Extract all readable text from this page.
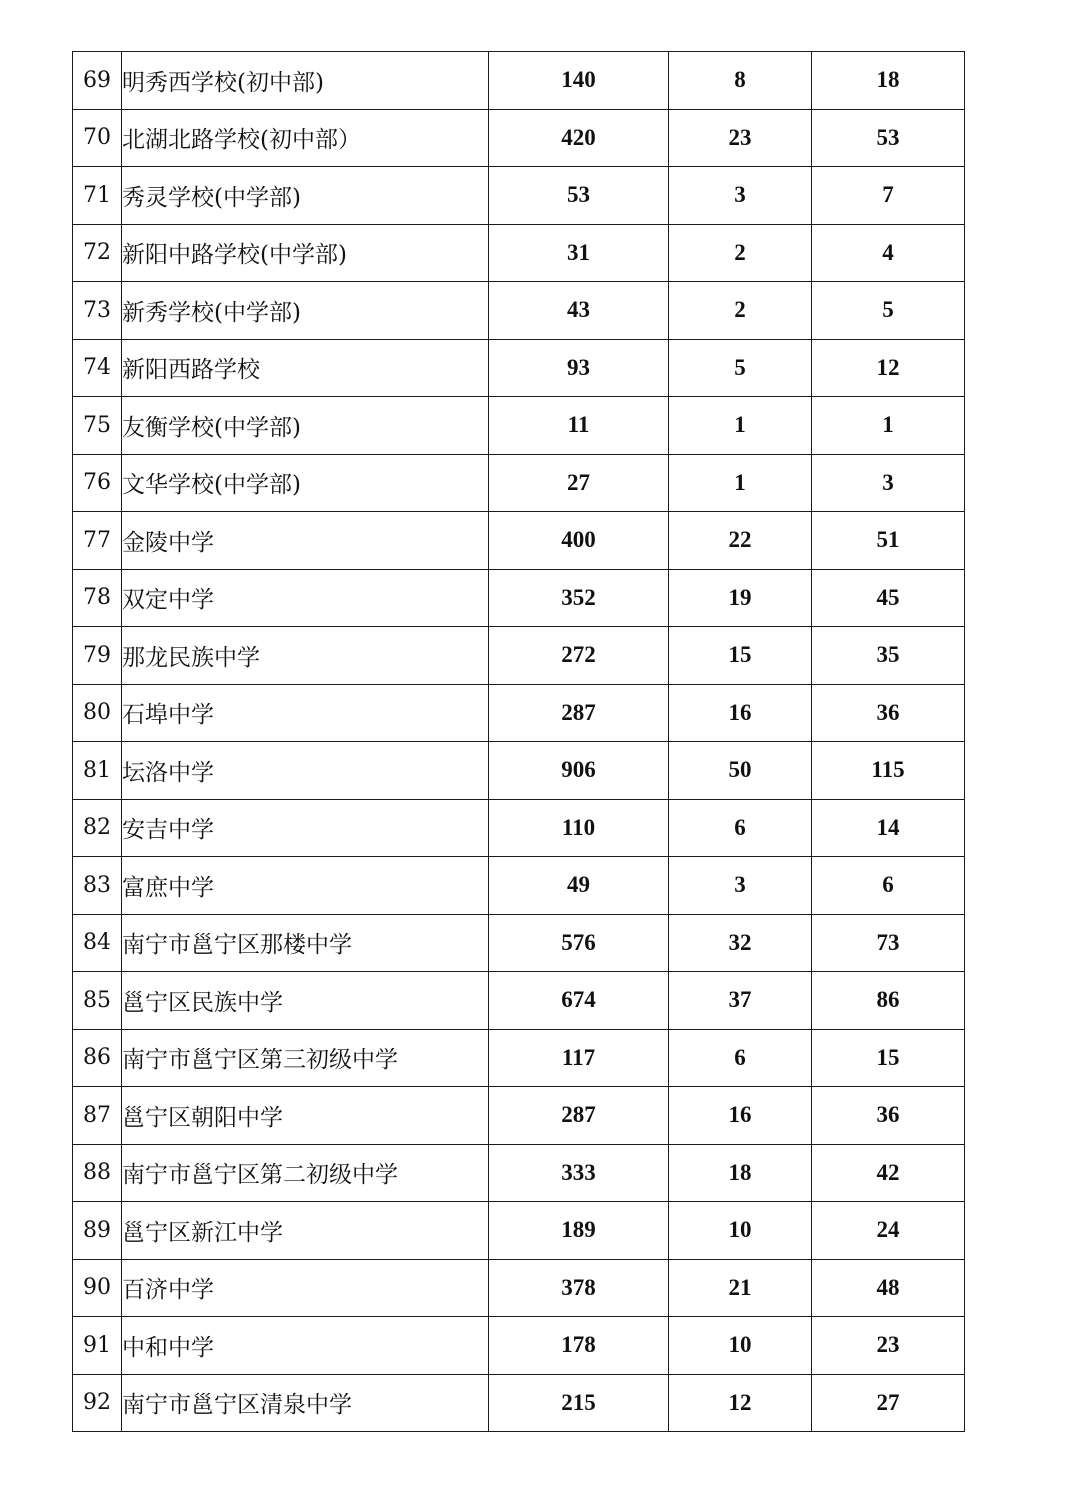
69	明秀西学校(初中部)	140	8	18
70	北湖北路学校(初中部）	420	23	53
71	秀灵学校(中学部)	53	3	7
72	新阳中路学校(中学部)	31	2	4
73	新秀学校(中学部)	43	2	5
74	新阳西路学校	93	5	12
75	友衡学校(中学部)	11	1	1
76	文华学校(中学部)	27	1	3
77	金陵中学	400	22	51
78	双定中学	352	19	45
79	那龙民族中学	272	15	35
80	石埠中学	287	16	36
81	坛洛中学	906	50	115
82	安吉中学	110	6	14
83	富庶中学	49	3	6
84	南宁市邕宁区那楼中学	576	32	73
85	邕宁区民族中学	674	37	86
86	南宁市邕宁区第三初级中学	117	6	15
87	邕宁区朝阳中学	287	16	36
88	南宁市邕宁区第二初级中学	333	18	42
89	邕宁区新江中学	189	10	24
90	百济中学	378	21	48
91	中和中学	178	10	23
92	南宁市邕宁区清泉中学	215	12	27
